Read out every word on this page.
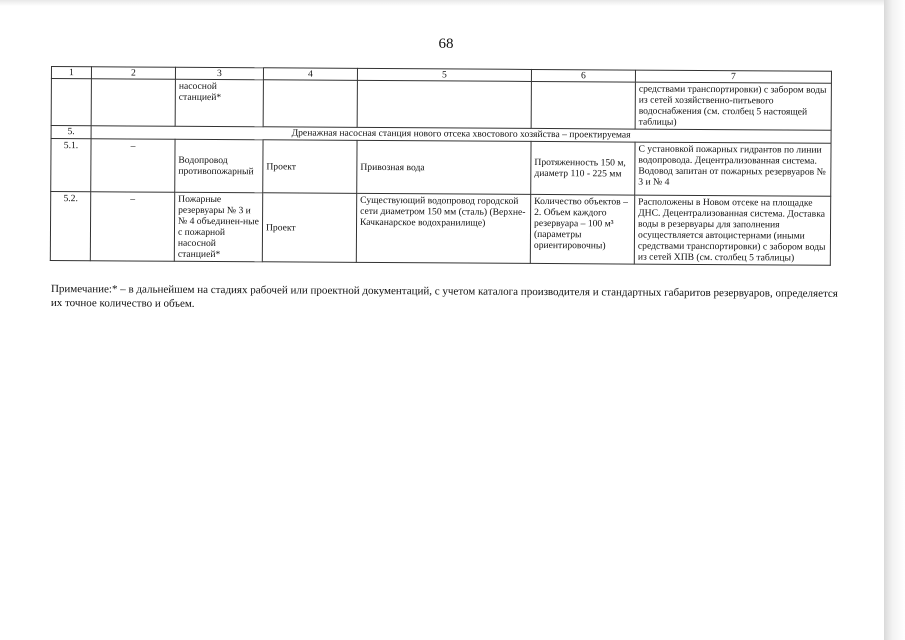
68
1	2	3	4	5	6	7
		насосной станцией*				средствами транспортировки) с забором воды из сетей хозяйственно-питьевого водоснабжения (см. столбец 5 настоящей таблицы)
5.	Дренажная насосная станция нового отсека хвостового хозяйства – проектируемая					
5.1.	–	Водопровод противопожарный	Проект	Привозная вода	Протяженность 150 м, диаметр 110 - 225 мм	С установкой пожарных гидрантов по линии водопровода. Децентрализованная система. Водовод запитан от пожарных резервуаров № 3 и № 4
5.2.	–	Пожарные резервуары № 3 и № 4 объединен-ные с пожарной насосной станцией*	Проект	Существующий водопровод городской сети диаметром 150 мм (сталь) (Верхне-Качканарское водохранилище)	Количество объектов – 2. Объем каждого резервуара – 100 м³ (параметры ориентировочны)	Расположены в Новом отсеке на площадке ДНС. Децентрализованная система. Доставка воды в резервуары для заполнения осуществляется автоцистернами (иными средствами транспортировки) с забором воды из сетей ХПВ (см. столбец 5 таблицы)
Примечание:* – в дальнейшем на стадиях рабочей или проектной документаций, с учетом каталога производителя и стандартных габаритов резервуаров, определяется их точное количество и объем.
